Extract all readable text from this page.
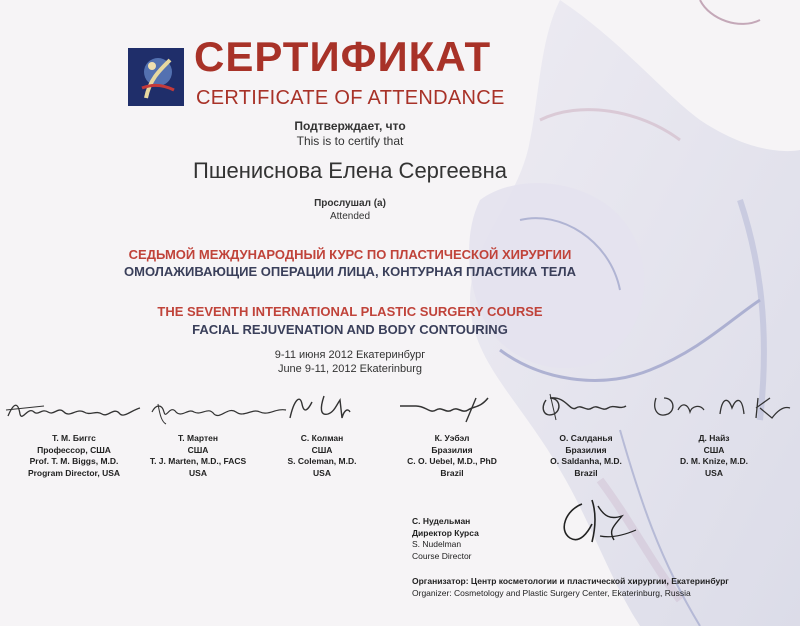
СЕРТИФИКАТ
CERTIFICATE OF ATTENDANCE
Подтверждает, что
This is to certify that
Пшениснова Елена Сергеевна
Прослушал (а)
Attended
СЕДЬМОЙ МЕЖДУНАРОДНЫЙ КУРС ПО ПЛАСТИЧЕСКОЙ ХИРУРГИИ
ОМОЛАЖИВАЮЩИЕ ОПЕРАЦИИ ЛИЦА, КОНТУРНАЯ ПЛАСТИКА ТЕЛА
THE SEVENTH INTERNATIONAL PLASTIC SURGERY COURSE
FACIAL REJUVENATION AND BODY CONTOURING
9-11 июня 2012 Екатеринбург
June 9-11, 2012 Ekaterinburg
Т. М. Биггс
Профессор, США
Prof. T. M. Biggs, M.D.
Program Director, USA
Т. Мартен
США
T. J. Marten, M.D., FACS
USA
С. Колман
США
S. Coleman, M.D.
USA
К. Уэбэл
Бразилия
C. O. Uebel, M.D., PhD
Brazil
О. Салданья
Бразилия
O. Saldanha, M.D.
Brazil
Д. Найз
США
D. M. Knize, M.D.
USA
С. Нудельман
Директор Курса
S. Nudelman
Course Director
Организатор: Центр косметологии и пластической хирургии, Екатеринбург
Organizer: Cosmetology and Plastic Surgery Center, Ekaterinburg, Russia
